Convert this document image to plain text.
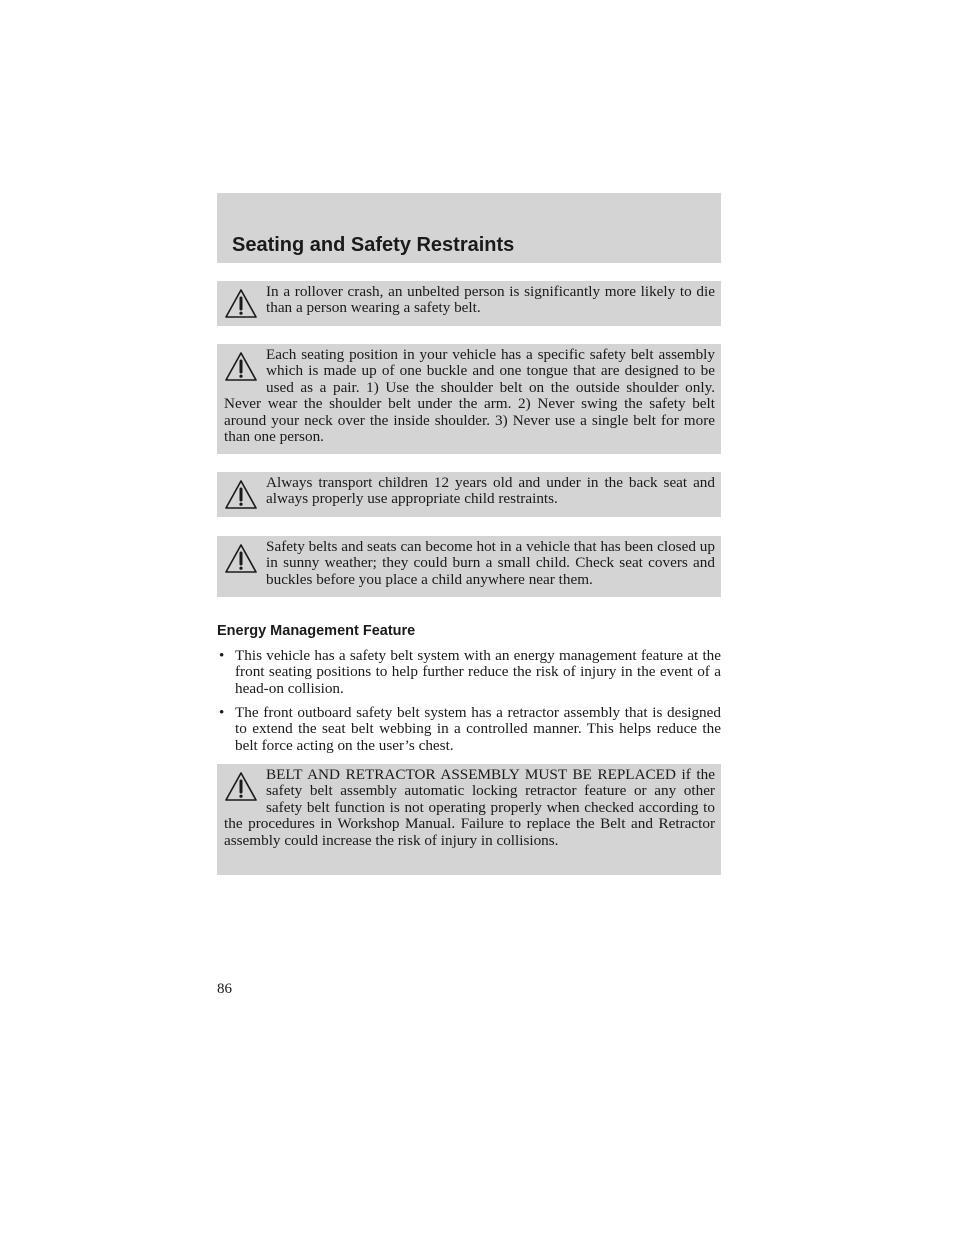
Seating and Safety Restraints

In a rollover crash, an unbelted person is significantly more likely to die than a person wearing a safety belt.

Each seating position in your vehicle has a specific safety belt assembly which is made up of one buckle and one tongue that are designed to be used as a pair. 1) Use the shoulder belt on the outside shoulder only. Never wear the shoulder belt under the arm. 2) Never swing the safety belt around your neck over the inside shoulder. 3) Never use a single belt for more than one person.

Always transport children 12 years old and under in the back seat and always properly use appropriate child restraints.

Safety belts and seats can become hot in a vehicle that has been closed up in sunny weather; they could burn a small child. Check seat covers and buckles before you place a child anywhere near them.

Energy Management Feature
• This vehicle has a safety belt system with an energy management feature at the front seating positions to help further reduce the risk of injury in the event of a head-on collision.
• The front outboard safety belt system has a retractor assembly that is designed to extend the seat belt webbing in a controlled manner. This helps reduce the belt force acting on the user’s chest.

BELT AND RETRACTOR ASSEMBLY MUST BE REPLACED if the safety belt assembly automatic locking retractor feature or any other safety belt function is not operating properly when checked according to the procedures in Workshop Manual. Failure to replace the Belt and Retractor assembly could increase the risk of injury in collisions.

86
